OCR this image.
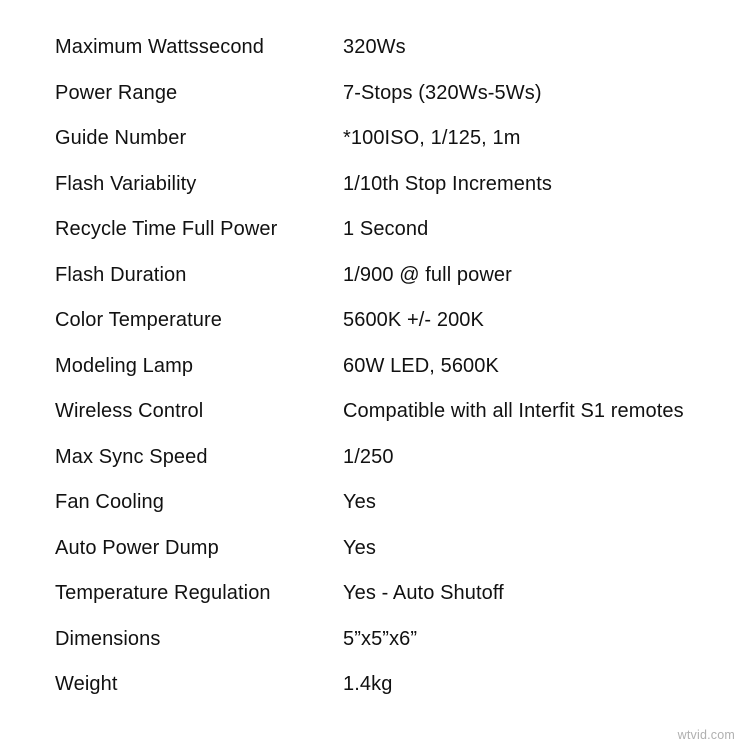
Maximum Wattssecond	320Ws
Power Range	7-Stops (320Ws-5Ws)
Guide Number	*100ISO, 1/125, 1m
Flash Variability	1/10th Stop Increments
Recycle Time Full Power	1 Second
Flash Duration	1/900 @ full power
Color Temperature	5600K +/- 200K
Modeling Lamp	60W LED, 5600K
Wireless Control	Compatible with all Interfit S1 remotes
Max Sync Speed	1/250
Fan Cooling	Yes
Auto Power Dump	Yes
Temperature Regulation	Yes - Auto Shutoff
Dimensions	5”x5”x6”
Weight	1.4kg
wtvid.com
